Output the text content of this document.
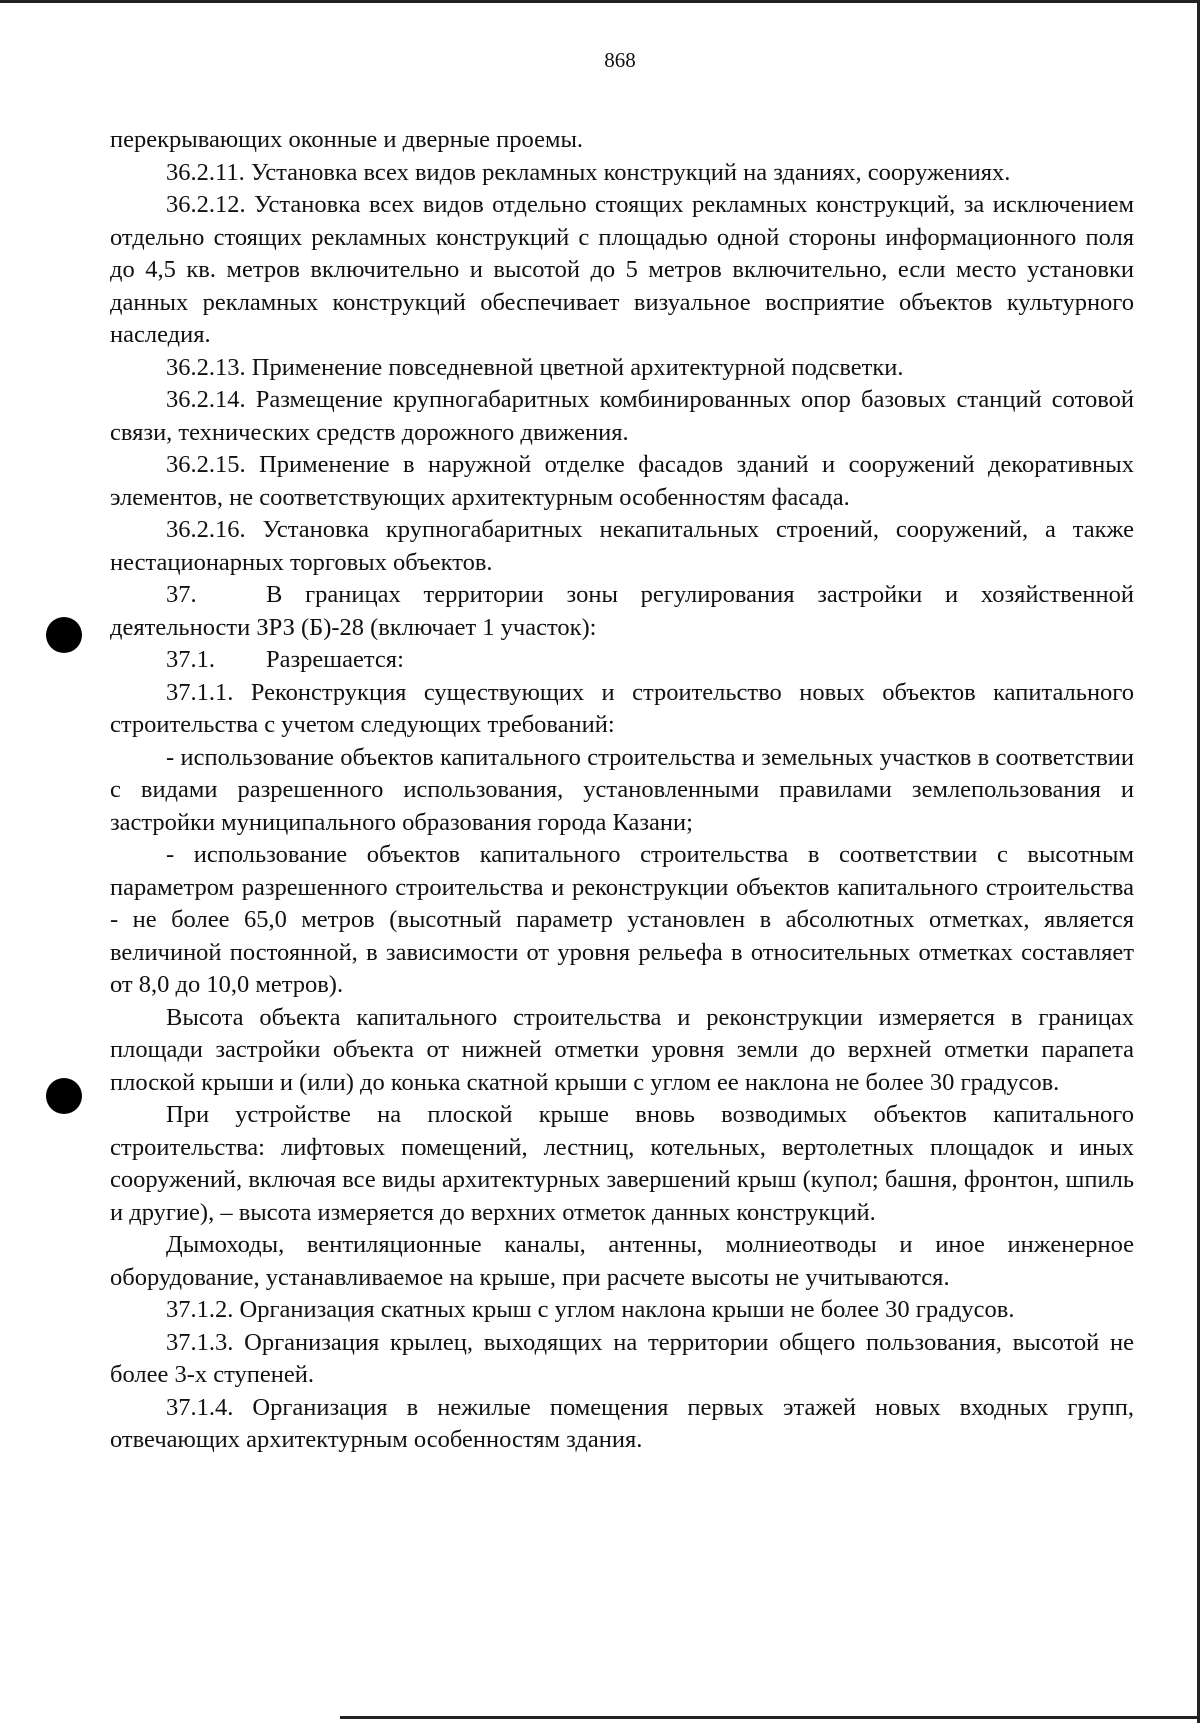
868

перекрывающих оконные и дверные проемы.

36.2.11. Установка всех видов рекламных конструкций на зданиях, сооружениях.

36.2.12. Установка всех видов отдельно стоящих рекламных конструкций, за исключением отдельно стоящих рекламных конструкций с площадью одной стороны информационного поля до 4,5 кв. метров включительно и высотой до 5 метров включительно, если место установки данных рекламных конструкций обеспечивает визуальное восприятие объектов культурного наследия.

36.2.13. Применение повседневной цветной архитектурной подсветки.

36.2.14. Размещение крупногабаритных комбинированных опор базовых станций сотовой связи, технических средств дорожного движения.

36.2.15. Применение в наружной отделке фасадов зданий и сооружений декоративных элементов, не соответствующих архитектурным особенностям фасада.

36.2.16. Установка крупногабаритных некапитальных строений, сооружений, а также нестационарных торговых объектов.

37.	В границах территории зоны регулирования застройки и хозяйственной деятельности ЗРЗ (Б)-28 (включает 1 участок):

37.1. Разрешается:

37.1.1. Реконструкция существующих и строительство новых объектов капитального строительства с учетом следующих требований:

- использование объектов капитального строительства и земельных участков в соответствии с видами разрешенного использования, установленными правилами землепользования и застройки муниципального образования города Казани;

- использование объектов капитального строительства в соответствии с высотным параметром разрешенного строительства и реконструкции объектов капитального строительства - не более 65,0 метров (высотный параметр установлен в абсолютных отметках, является величиной постоянной, в зависимости от уровня рельефа в относительных отметках составляет от 8,0 до 10,0 метров).

Высота объекта капитального строительства и реконструкции измеряется в границах площади застройки объекта от нижней отметки уровня земли до верхней отметки парапета плоской крыши и (или) до конька скатной крыши с углом ее наклона не более 30 градусов.

При устройстве на плоской крыше вновь возводимых объектов капитального строительства: лифтовых помещений, лестниц, котельных, вертолетных площадок и иных сооружений, включая все виды архитектурных завершений крыш (купол; башня, фронтон, шпиль и другие), – высота измеряется до верхних отметок данных конструкций.

Дымоходы, вентиляционные каналы, антенны, молниеотводы и иное инженерное оборудование, устанавливаемое на крыше, при расчете высоты не учитываются.

37.1.2. Организация скатных крыш с углом наклона крыши не более 30 градусов.

37.1.3. Организация крылец, выходящих на территории общего пользования, высотой не более 3-х ступеней.

37.1.4. Организация в нежилые помещения первых этажей новых входных групп, отвечающих архитектурным особенностям здания.
